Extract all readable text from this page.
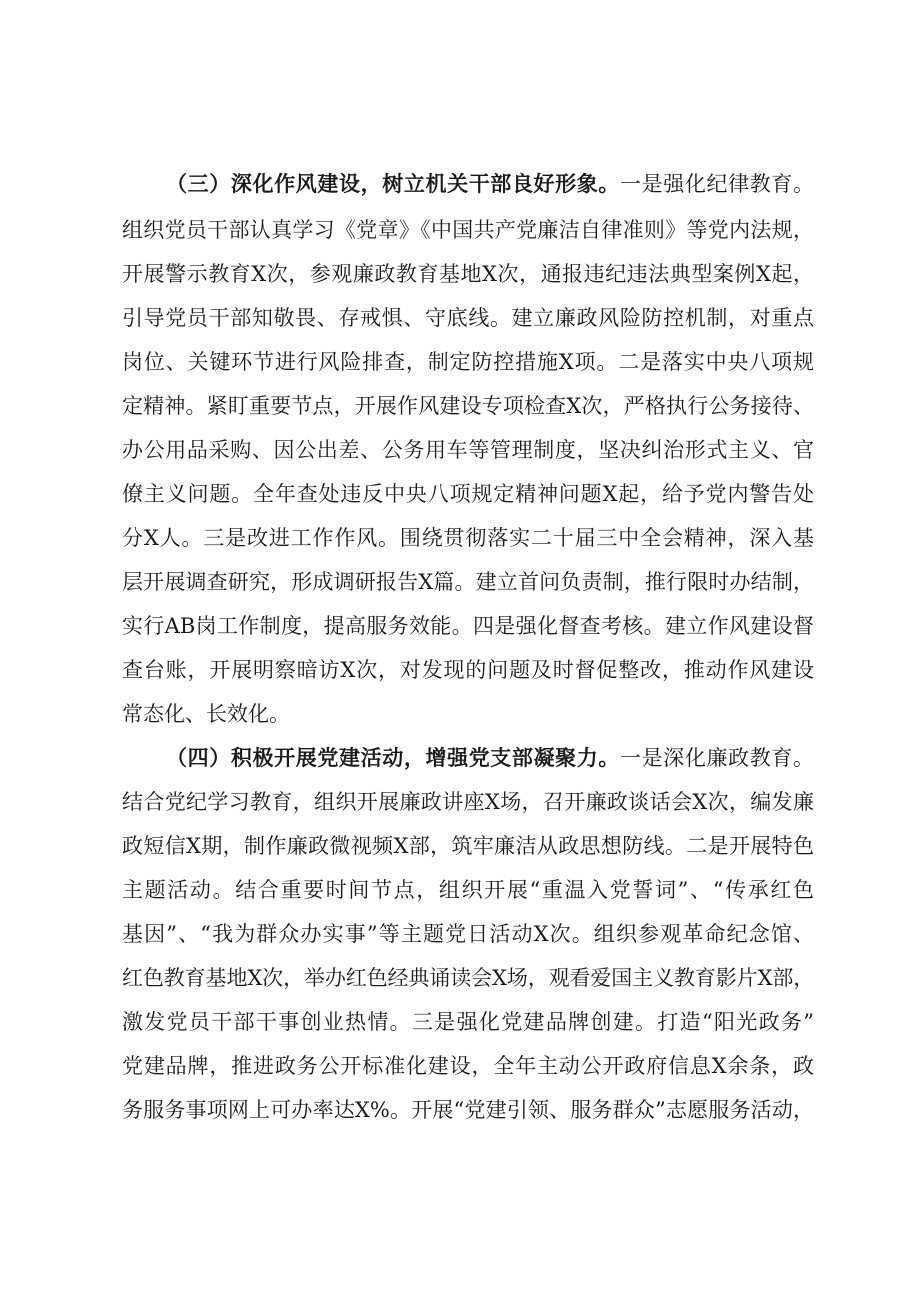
（三）深化作风建设，树立机关干部良好形象。一是强化纪律教育。
组织党员干部认真学习《党章》《中国共产党廉洁自律准则》等党内法规，
开展警示教育X次，参观廉政教育基地X次，通报违纪违法典型案例X起，
引导党员干部知敬畏、存戒惧、守底线。建立廉政风险防控机制，对重点
岗位、关键环节进行风险排查，制定防控措施X项。二是落实中央八项规
定精神。紧盯重要节点，开展作风建设专项检查X次，严格执行公务接待、
办公用品采购、因公出差、公务用车等管理制度，坚决纠治形式主义、官
僚主义问题。全年查处违反中央八项规定精神问题X起，给予党内警告处
分X人。三是改进工作作风。围绕贯彻落实二十届三中全会精神，深入基
层开展调查研究，形成调研报告X篇。建立首问负责制，推行限时办结制，
实行AB岗工作制度，提高服务效能。四是强化督查考核。建立作风建设督
查台账，开展明察暗访X次，对发现的问题及时督促整改，推动作风建设
常态化、长效化。
（四）积极开展党建活动，增强党支部凝聚力。一是深化廉政教育。
结合党纪学习教育，组织开展廉政讲座X场，召开廉政谈话会X次，编发廉
政短信X期，制作廉政微视频X部，筑牢廉洁从政思想防线。二是开展特色
主题活动。结合重要时间节点，组织开展“重温入党誓词”、“传承红色
基因”、“我为群众办实事”等主题党日活动X次。组织参观革命纪念馆、
红色教育基地X次，举办红色经典诵读会X场，观看爱国主义教育影片X部，
激发党员干部干事创业热情。三是强化党建品牌创建。打造“阳光政务”
党建品牌，推进政务公开标准化建设，全年主动公开政府信息X余条，政
务服务事项网上可办率达X%。开展“党建引领、服务群众”志愿服务活动，
